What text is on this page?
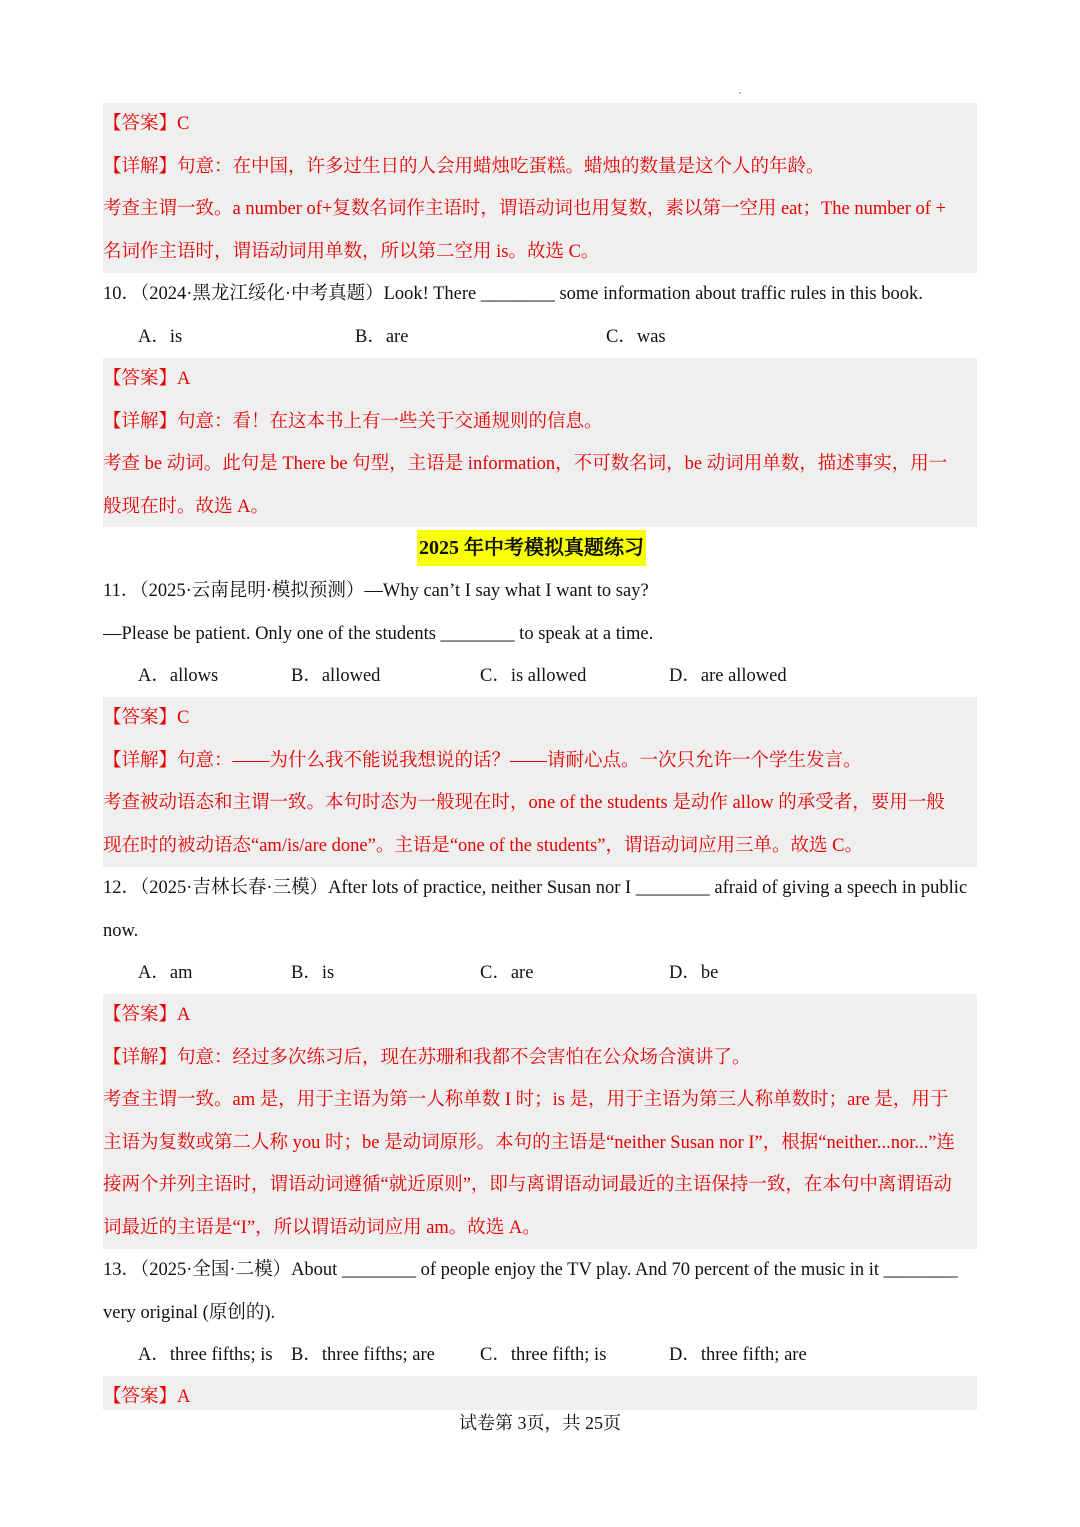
【答案】C
【详解】句意：在中国，许多过生日的人会用蜡烛吃蛋糕。蜡烛的数量是这个人的年龄。
考查主谓一致。a number of+复数名词作主语时，谓语动词也用复数，素以第一空用 eat；The number of +
名词作主语时，谓语动词用单数，所以第二空用 is。故选 C。
10．（2024·黑龙江绥化·中考真题）Look! There ________ some information about traffic rules in this book.
A．is	B．are	C．was
【答案】A
【详解】句意：看！在这本书上有一些关于交通规则的信息。
考查 be 动词。此句是 There be 句型，主语是 information，不可数名词，be 动词用单数，描述事实，用一
般现在时。故选 A。
2025 年中考模拟真题练习
11．（2025·云南昆明·模拟预测）—Why can’t I say what I want to say?
—Please be patient. Only one of the students ________ to speak at a time.
A．allows	B．allowed	C．is allowed	D．are allowed
【答案】C
【详解】句意：——为什么我不能说我想说的话？——请耐心点。一次只允许一个学生发言。
考查被动语态和主谓一致。本句时态为一般现在时，one of the students 是动作 allow 的承受者，要用一般
现在时的被动语态“am/is/are done”。主语是“one of the students”，谓语动词应用三单。故选 C。
12．（2025·吉林长春·三模）After lots of practice, neither Susan nor I ________ afraid of giving a speech in public
now.
A．am	B．is	C．are	D．be
【答案】A
【详解】句意：经过多次练习后，现在苏珊和我都不会害怕在公众场合演讲了。
考查主谓一致。am 是，用于主语为第一人称单数 I 时；is 是，用于主语为第三人称单数时；are 是，用于
主语为复数或第二人称 you 时；be 是动词原形。本句的主语是“neither Susan nor I”，根据“neither...nor...”连
接两个并列主语时，谓语动词遵循“就近原则”，即与离谓语动词最近的主语保持一致，在本句中离谓语动
词最近的主语是“I”，所以谓语动词应用 am。故选 A。
13．（2025·全国·二模）About ________ of people enjoy the TV play. And 70 percent of the music in it ________
very original (原创的).
A．three fifths; is B．three fifths; are C．three fifth; is	D．three fifth; are
【答案】A
试卷第 3页，共 25页
